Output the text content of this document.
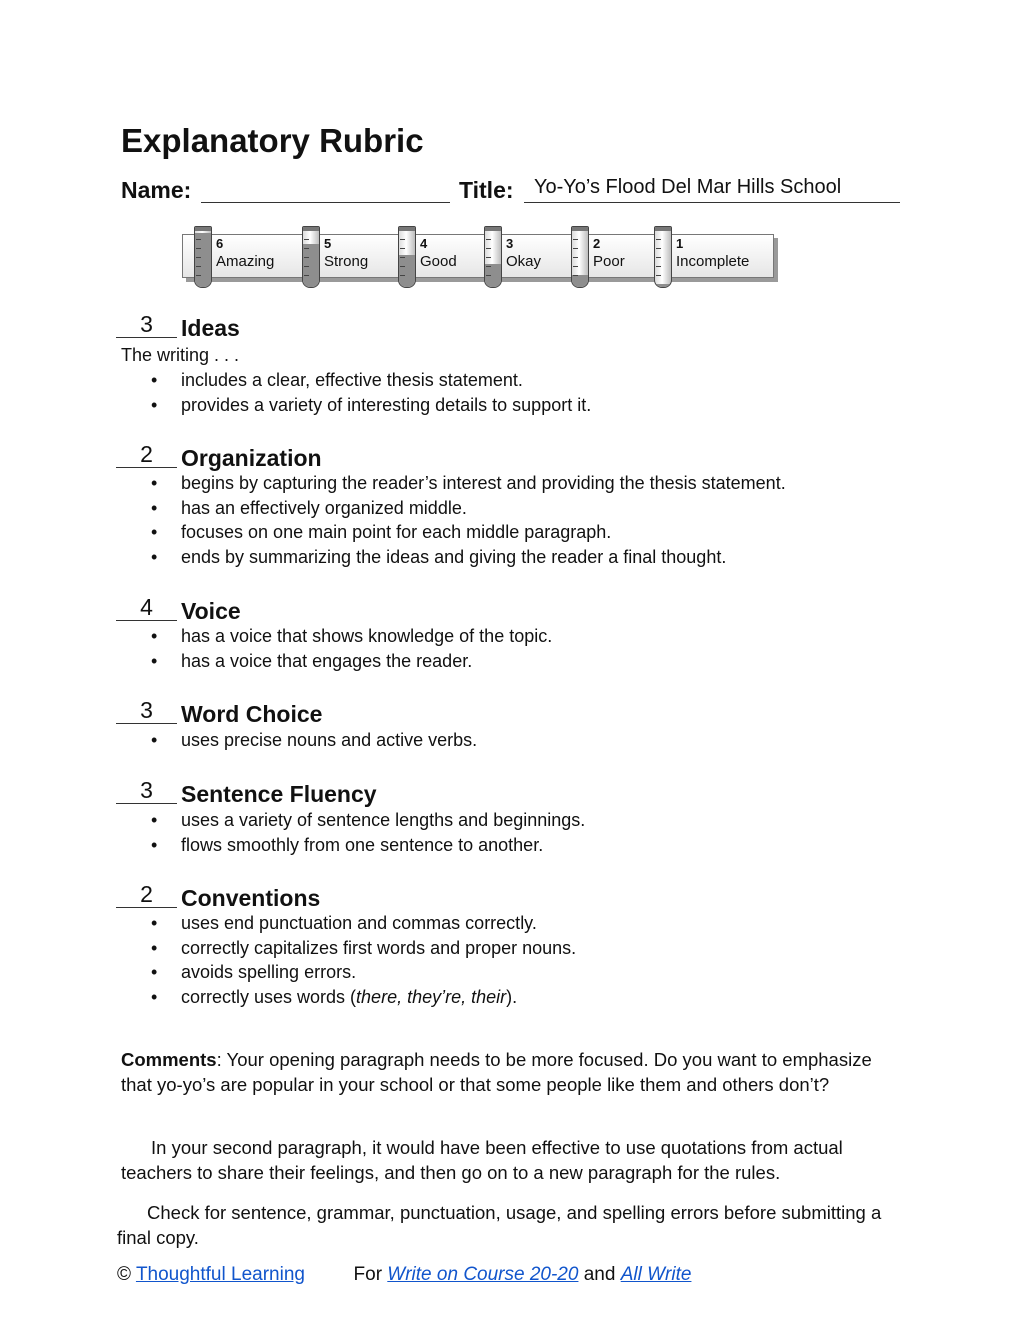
Explanatory Rubric
Name:	Title: Yo-Yo’s Flood Del Mar Hills School
6
Amazing
5
Strong
4
Good
3
Okay
2
Poor
1
Incomplete
3	Ideas
The writing . . .
• includes a clear, effective thesis statement.
• provides a variety of interesting details to support it.
2	Organization
• begins by capturing the reader’s interest and providing the thesis statement.
• has an effectively organized middle.
• focuses on one main point for each middle paragraph.
• ends by summarizing the ideas and giving the reader a final thought.
4	Voice
• has a voice that shows knowledge of the topic.
• has a voice that engages the reader.
3	Word Choice
• uses precise nouns and active verbs.
3	Sentence Fluency
• uses a variety of sentence lengths and beginnings.
• flows smoothly from one sentence to another.
2	Conventions
• uses end punctuation and commas correctly.
• correctly capitalizes first words and proper nouns.
• avoids spelling errors.
• correctly uses words (there, they’re, their).

Comments: Your opening paragraph needs to be more focused. Do you want to emphasize that yo-yo’s are popular in your school or that some people like them and others don’t?

In your second paragraph, it would have been effective to use quotations from actual teachers to share their feelings, and then go on to a new paragraph for the rules.

Check for sentence, grammar, punctuation, usage, and spelling errors before submitting a final copy.

© Thoughtful Learning	For Write on Course 20-20 and All Write
